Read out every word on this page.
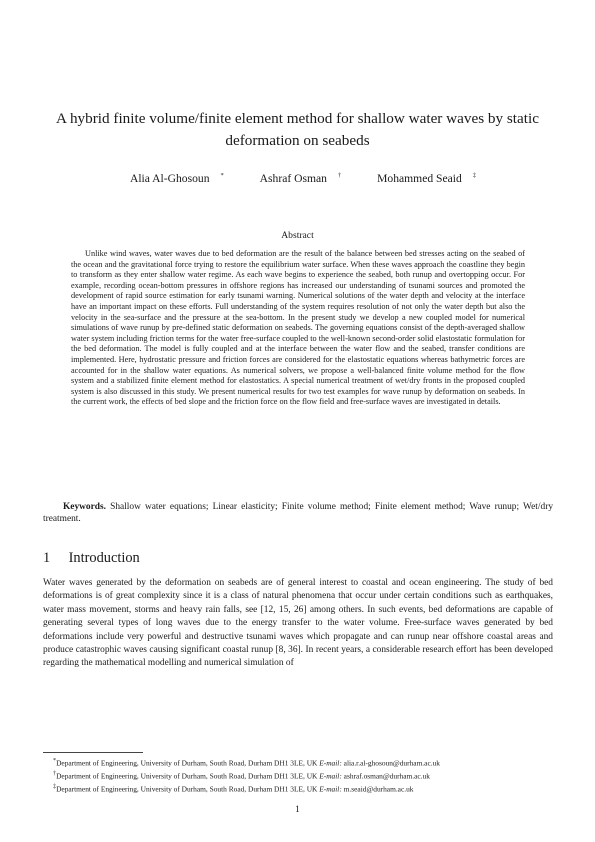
A hybrid finite volume/finite element method for shallow water waves by static deformation on seabeds
Alia Al-Ghosoun *	Ashraf Osman †	Mohammed Seaid ‡
Abstract
Unlike wind waves, water waves due to bed deformation are the result of the balance between bed stresses acting on the seabed of the ocean and the gravitational force trying to restore the equilibrium water surface. When these waves approach the coastline they begin to transform as they enter shallow water regime. As each wave begins to experience the seabed, both runup and overtopping occur. For example, recording ocean-bottom pressures in offshore regions has increased our understanding of tsunami sources and promoted the development of rapid source estimation for early tsunami warning. Numerical solutions of the water depth and velocity at the interface have an important impact on these efforts. Full understanding of the system requires resolution of not only the water depth but also the velocity in the sea-surface and the pressure at the sea-bottom. In the present study we develop a new coupled model for numerical simulations of wave runup by pre-defined static deformation on seabeds. The governing equations consist of the depth-averaged shallow water system including friction terms for the water free-surface coupled to the well-known second-order solid elastostatic formulation for the bed deformation. The model is fully coupled and at the interface between the water flow and the seabed, transfer conditions are implemented. Here, hydrostatic pressure and friction forces are considered for the elastostatic equations whereas bathymetric forces are accounted for in the shallow water equations. As numerical solvers, we propose a well-balanced finite volume method for the flow system and a stabilized finite element method for elastostatics. A special numerical treatment of wet/dry fronts in the proposed coupled system is also discussed in this study. We present numerical results for two test examples for wave runup by deformation on seabeds. In the current work, the effects of bed slope and the friction force on the flow field and free-surface waves are investigated in details.
Keywords. Shallow water equations; Linear elasticity; Finite volume method; Finite element method; Wave runup; Wet/dry treatment.
1 Introduction
Water waves generated by the deformation on seabeds are of general interest to coastal and ocean engineering. The study of bed deformations is of great complexity since it is a class of natural phenomena that occur under certain conditions such as earthquakes, water mass movement, storms and heavy rain falls, see [12, 15, 26] among others. In such events, bed deformations are capable of generating several types of long waves due to the energy transfer to the water volume. Free-surface waves generated by bed deformations include very powerful and destructive tsunami waves which propagate and can runup near offshore coastal areas and produce catastrophic waves causing significant coastal runup [8, 36]. In recent years, a considerable research effort has been developed regarding the mathematical modelling and numerical simulation of
*Department of Engineering, University of Durham, South Road, Durham DH1 3LE, UK E-mail: alia.r.al-ghosoun@durham.ac.uk
†Department of Engineering, University of Durham, South Road, Durham DH1 3LE, UK E-mail: ashraf.osman@durham.ac.uk
‡Department of Engineering, University of Durham, South Road, Durham DH1 3LE, UK E-mail: m.seaid@durham.ac.uk
1
